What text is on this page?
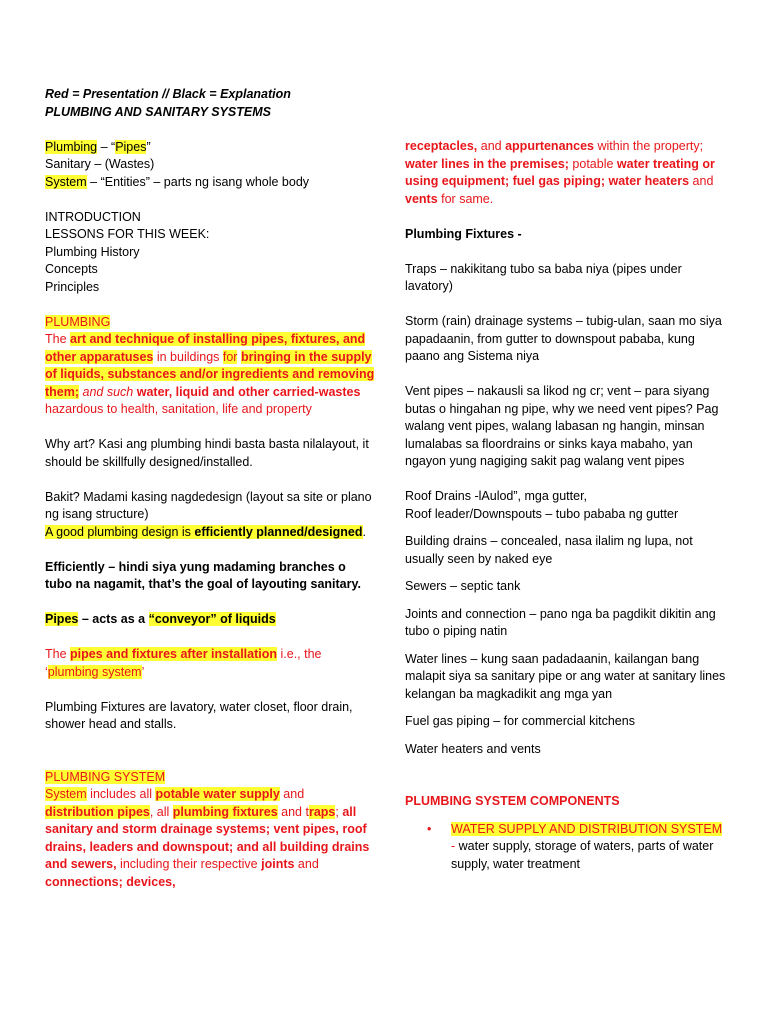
Red = Presentation // Black = Explanation

PLUMBING AND SANITARY SYSTEMS

Plumbing – “Pipes”

Sanitary – (Wastes)

System – “Entities” – parts ng isang whole body

INTRODUCTION

LESSONS FOR THIS WEEK:

Plumbing History

Concepts

Principles

PLUMBING

The art and technique of installing pipes, fixtures, and other apparatuses in buildings for bringing in the supply of liquids, substances and/or ingredients and removing them; and such water, liquid and other carried-wastes hazardous to health, sanitation, life and property

Why art? Kasi ang plumbing hindi basta basta nilalayout, it should be skillfully designed/installed.

Bakit? Madami kasing nagdedesign (layout sa site or plano ng isang structure)

A good plumbing design is efficiently planned/designed.

Efficiently – hindi siya yung madaming branches o tubo na nagamit, that’s the goal of layouting sanitary.

Pipes – acts as a “conveyor” of liquids

The pipes and fixtures after installation i.e., the ‘plumbing system’

Plumbing Fixtures are lavatory, water closet, floor drain, shower head and stalls.

PLUMBING SYSTEM

System includes all potable water supply and distribution pipes, all plumbing fixtures and traps; all sanitary and storm drainage systems; vent pipes, roof drains, leaders and downspout; and all building drains and sewers, including their respective joints and connections; devices,

receptacles, and appurtenances within the property; water lines in the premises; potable water treating or using equipment; fuel gas piping; water heaters and vents for same.

Plumbing Fixtures -

Traps – nakikitang tubo sa baba niya (pipes under lavatory)

Storm (rain) drainage systems – tubig-ulan, saan mo siya papadaanin, from gutter to downspout pababa, kung paano ang Sistema niya

Vent pipes – nakausli sa likod ng cr; vent – para siyang butas o hingahan ng pipe, why we need vent pipes? Pag walang vent pipes, walang labasan ng hangin, minsan lumalabas sa floordrains or sinks kaya mabaho, yan ngayon yung nagiging sakit pag walang vent pipes

Roof Drains -lAulod”, mga gutter,

Roof leader/Downspouts – tubo pababa ng gutter

Building drains – concealed, nasa ilalim ng lupa, not usually seen by naked eye

Sewers – septic tank

Joints and connection – pano nga ba pagdikit dikitin ang tubo o piping natin

Water lines – kung saan padadaanin, kailangan bang malapit siya sa sanitary pipe or ang water at sanitary lines kelangan ba magkadikit ang mga yan

Fuel gas piping – for commercial kitchens

Water heaters and vents

PLUMBING SYSTEM COMPONENTS

•	WATER SUPPLY AND DISTRIBUTION SYSTEM - water supply, storage of waters, parts of water supply, water treatment
